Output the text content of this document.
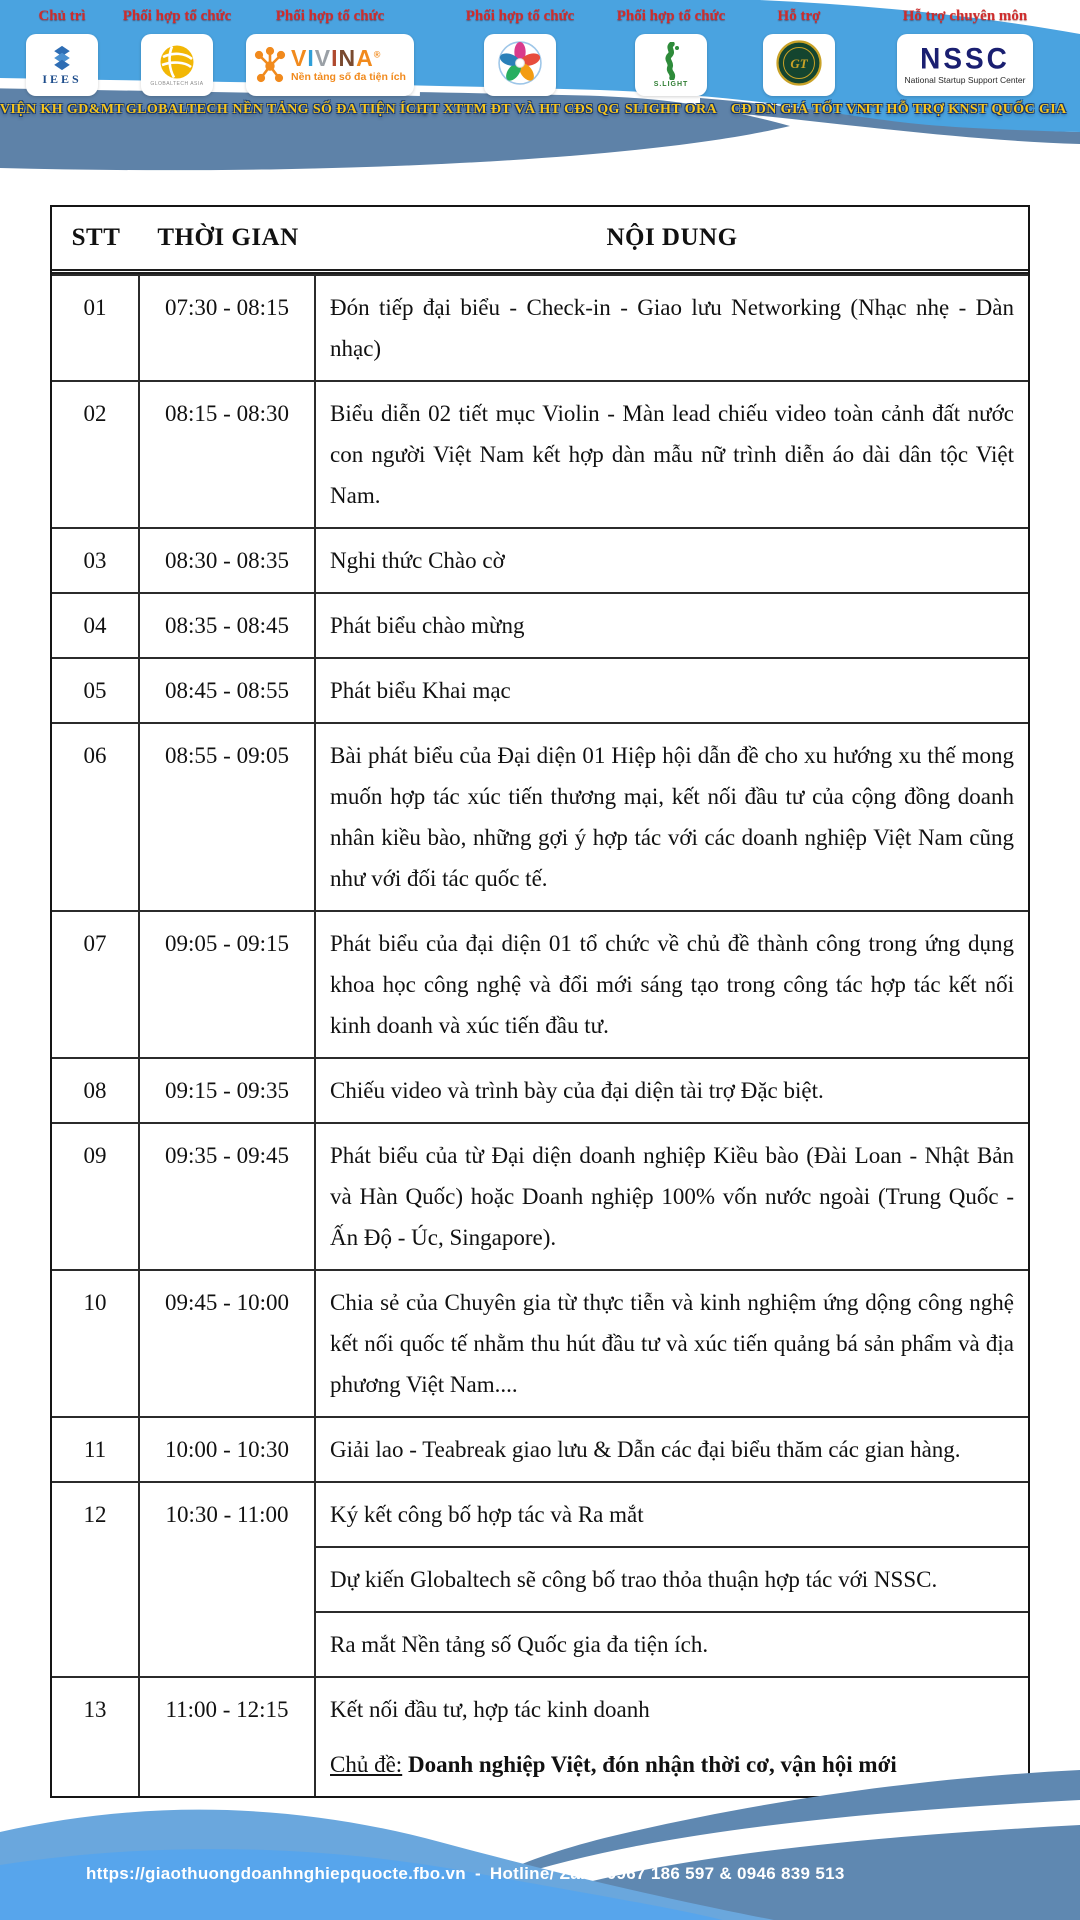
Chủ trì
IEES
VIỆN KH GD&MT
Phối hợp tổ chức
GLOBALTECH ASIA
GLOBALTECH
Phối hợp tổ chức
VIVINA®
Nền tảng số đa tiện ích
NỀN TẢNG SỐ ĐA TIỆN ÍCH
Phối hợp tổ chức
TT XTTM ĐT VÀ HT CĐS QG
Phối hợp tổ chức
S.LIGHT
SLIGHT ORA
Hỗ trợ
GT
CĐ DN GIÁ TỐT VN
Hỗ trợ chuyên môn
NSSC
National Startup Support Center
TT HỖ TRỢ KNST QUỐC GIA
STT	THỜI GIAN	NỘI DUNG
01	07:30 - 08:15	Đón tiếp đại biểu - Check-in - Giao lưu Networking (Nhạc nhẹ - Dàn nhạc)
02	08:15 - 08:30	Biểu diễn 02 tiết mục Violin - Màn lead chiếu video toàn cảnh đất nước con người Việt Nam kết hợp dàn mẫu nữ trình diễn áo dài dân tộc Việt Nam.
03	08:30 - 08:35	Nghi thức Chào cờ
04	08:35 - 08:45	Phát biểu chào mừng
05	08:45 - 08:55	Phát biểu Khai mạc
06	08:55 - 09:05	Bài phát biểu của Đại diện 01 Hiệp hội dẫn đề cho xu hướng xu thế mong muốn hợp tác xúc tiến thương mại, kết nối đầu tư của cộng đồng doanh nhân kiều bào, những gợi ý hợp tác với các doanh nghiệp Việt Nam cũng như với đối tác quốc tế.
07	09:05 - 09:15	Phát biểu của đại diện 01 tổ chức về chủ đề thành công trong ứng dụng khoa học công nghệ và đổi mới sáng tạo trong công tác hợp tác kết nối kinh doanh và xúc tiến đầu tư.
08	09:15 - 09:35	Chiếu video và trình bày của đại diện tài trợ Đặc biệt.
09	09:35 - 09:45	Phát biểu của từ Đại diện doanh nghiệp Kiều bào (Đài Loan - Nhật Bản và Hàn Quốc) hoặc Doanh nghiệp 100% vốn nước ngoài (Trung Quốc - Ấn Độ - Úc, Singapore).
10	09:45 - 10:00	Chia sẻ của Chuyên gia từ thực tiễn và kinh nghiệm ứng dộng công nghệ kết nối quốc tế nhằm thu hút đầu tư và xúc tiến quảng bá sản phẩm và địa phương Việt Nam....
11	10:00 - 10:30	Giải lao - Teabreak giao lưu & Dẫn các đại biểu thăm các gian hàng.
12	10:30 - 11:00	Ký kết công bố hợp tác và Ra mắt
Dự kiến Globaltech sẽ công bố trao thỏa thuận hợp tác với NSSC.
Ra mắt Nền tảng số Quốc gia đa tiện ích.
13	11:00 - 12:15	Kết nối đầu tư, hợp tác kinh doanh
Chủ đề: Doanh nghiệp Việt, đón nhận thời cơ, vận hội mới
https://giaothuongdoanhnghiepquocte.fbo.vn - Hotline/ Zalo: 0967 186 597 & 0946 839 513
